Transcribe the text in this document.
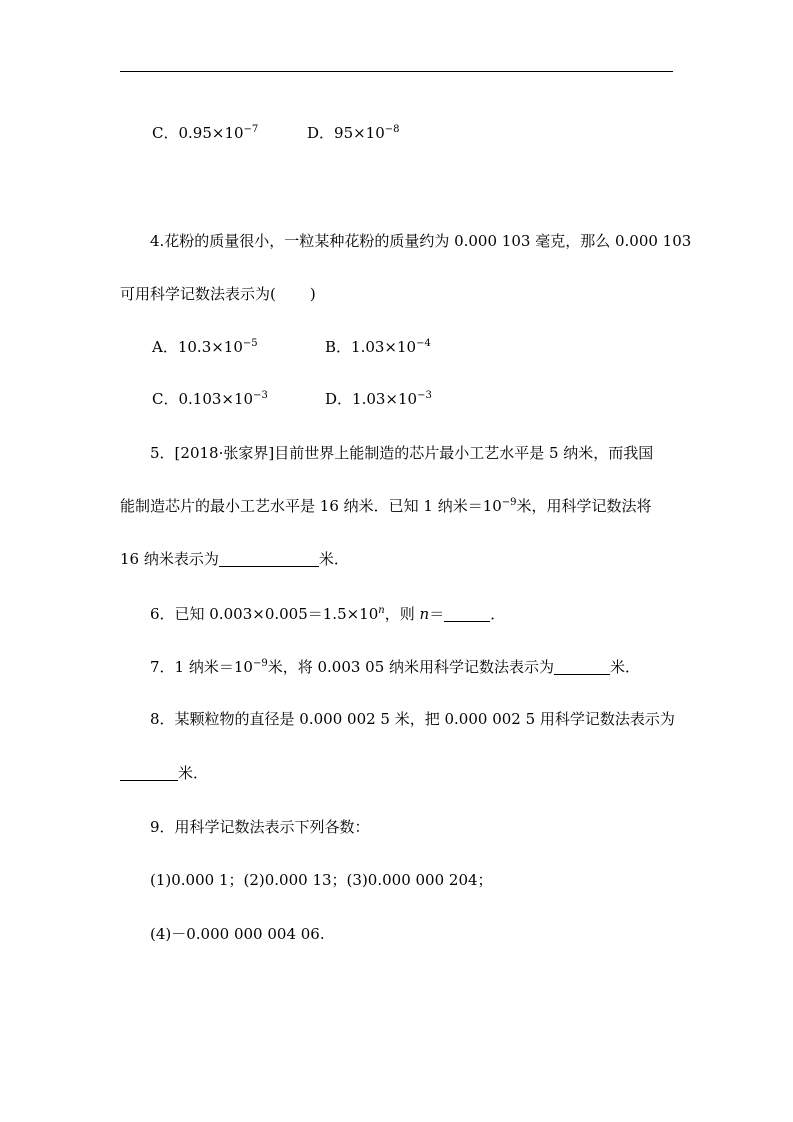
C．$0.95\times 10^{-7}$	D．$95\times 10^{-8}$
4.花粉的质量很小，一粒某种花粉的质量约为 0.000 103 毫克，那么 0.000 103
可用科学记数法表示为( )
A．$10.3\times 10^{-5}$	B．$1.03\times 10^{-4}$
C．$0.103\times 10^{-3}$	D．$1.03\times 10^{-3}$
5．[2018·张家界]目前世界上能制造的芯片最小工艺水平是 5 纳米，而我国
能制造芯片的最小工艺水平是 16 纳米．已知 1 纳米$=10^{-9}$米，用科学记数法将
16 纳米表示为	米．
6．已知 $0.003\times 0.005=1.5\times 10^n$，则 n＝	．
7．1 纳米$=10^{-9}$米，将 0.003 05 纳米用科学记数法表示为	米．
8．某颗粒物的直径是 0.000 002 5 米，把 0.000 002 5 用科学记数法表示为
米．
9．用科学记数法表示下列各数：
(1)0.000 1；(2)0.000 13；(3)0.000 000 204；
(4)－0.000 000 004 06.
